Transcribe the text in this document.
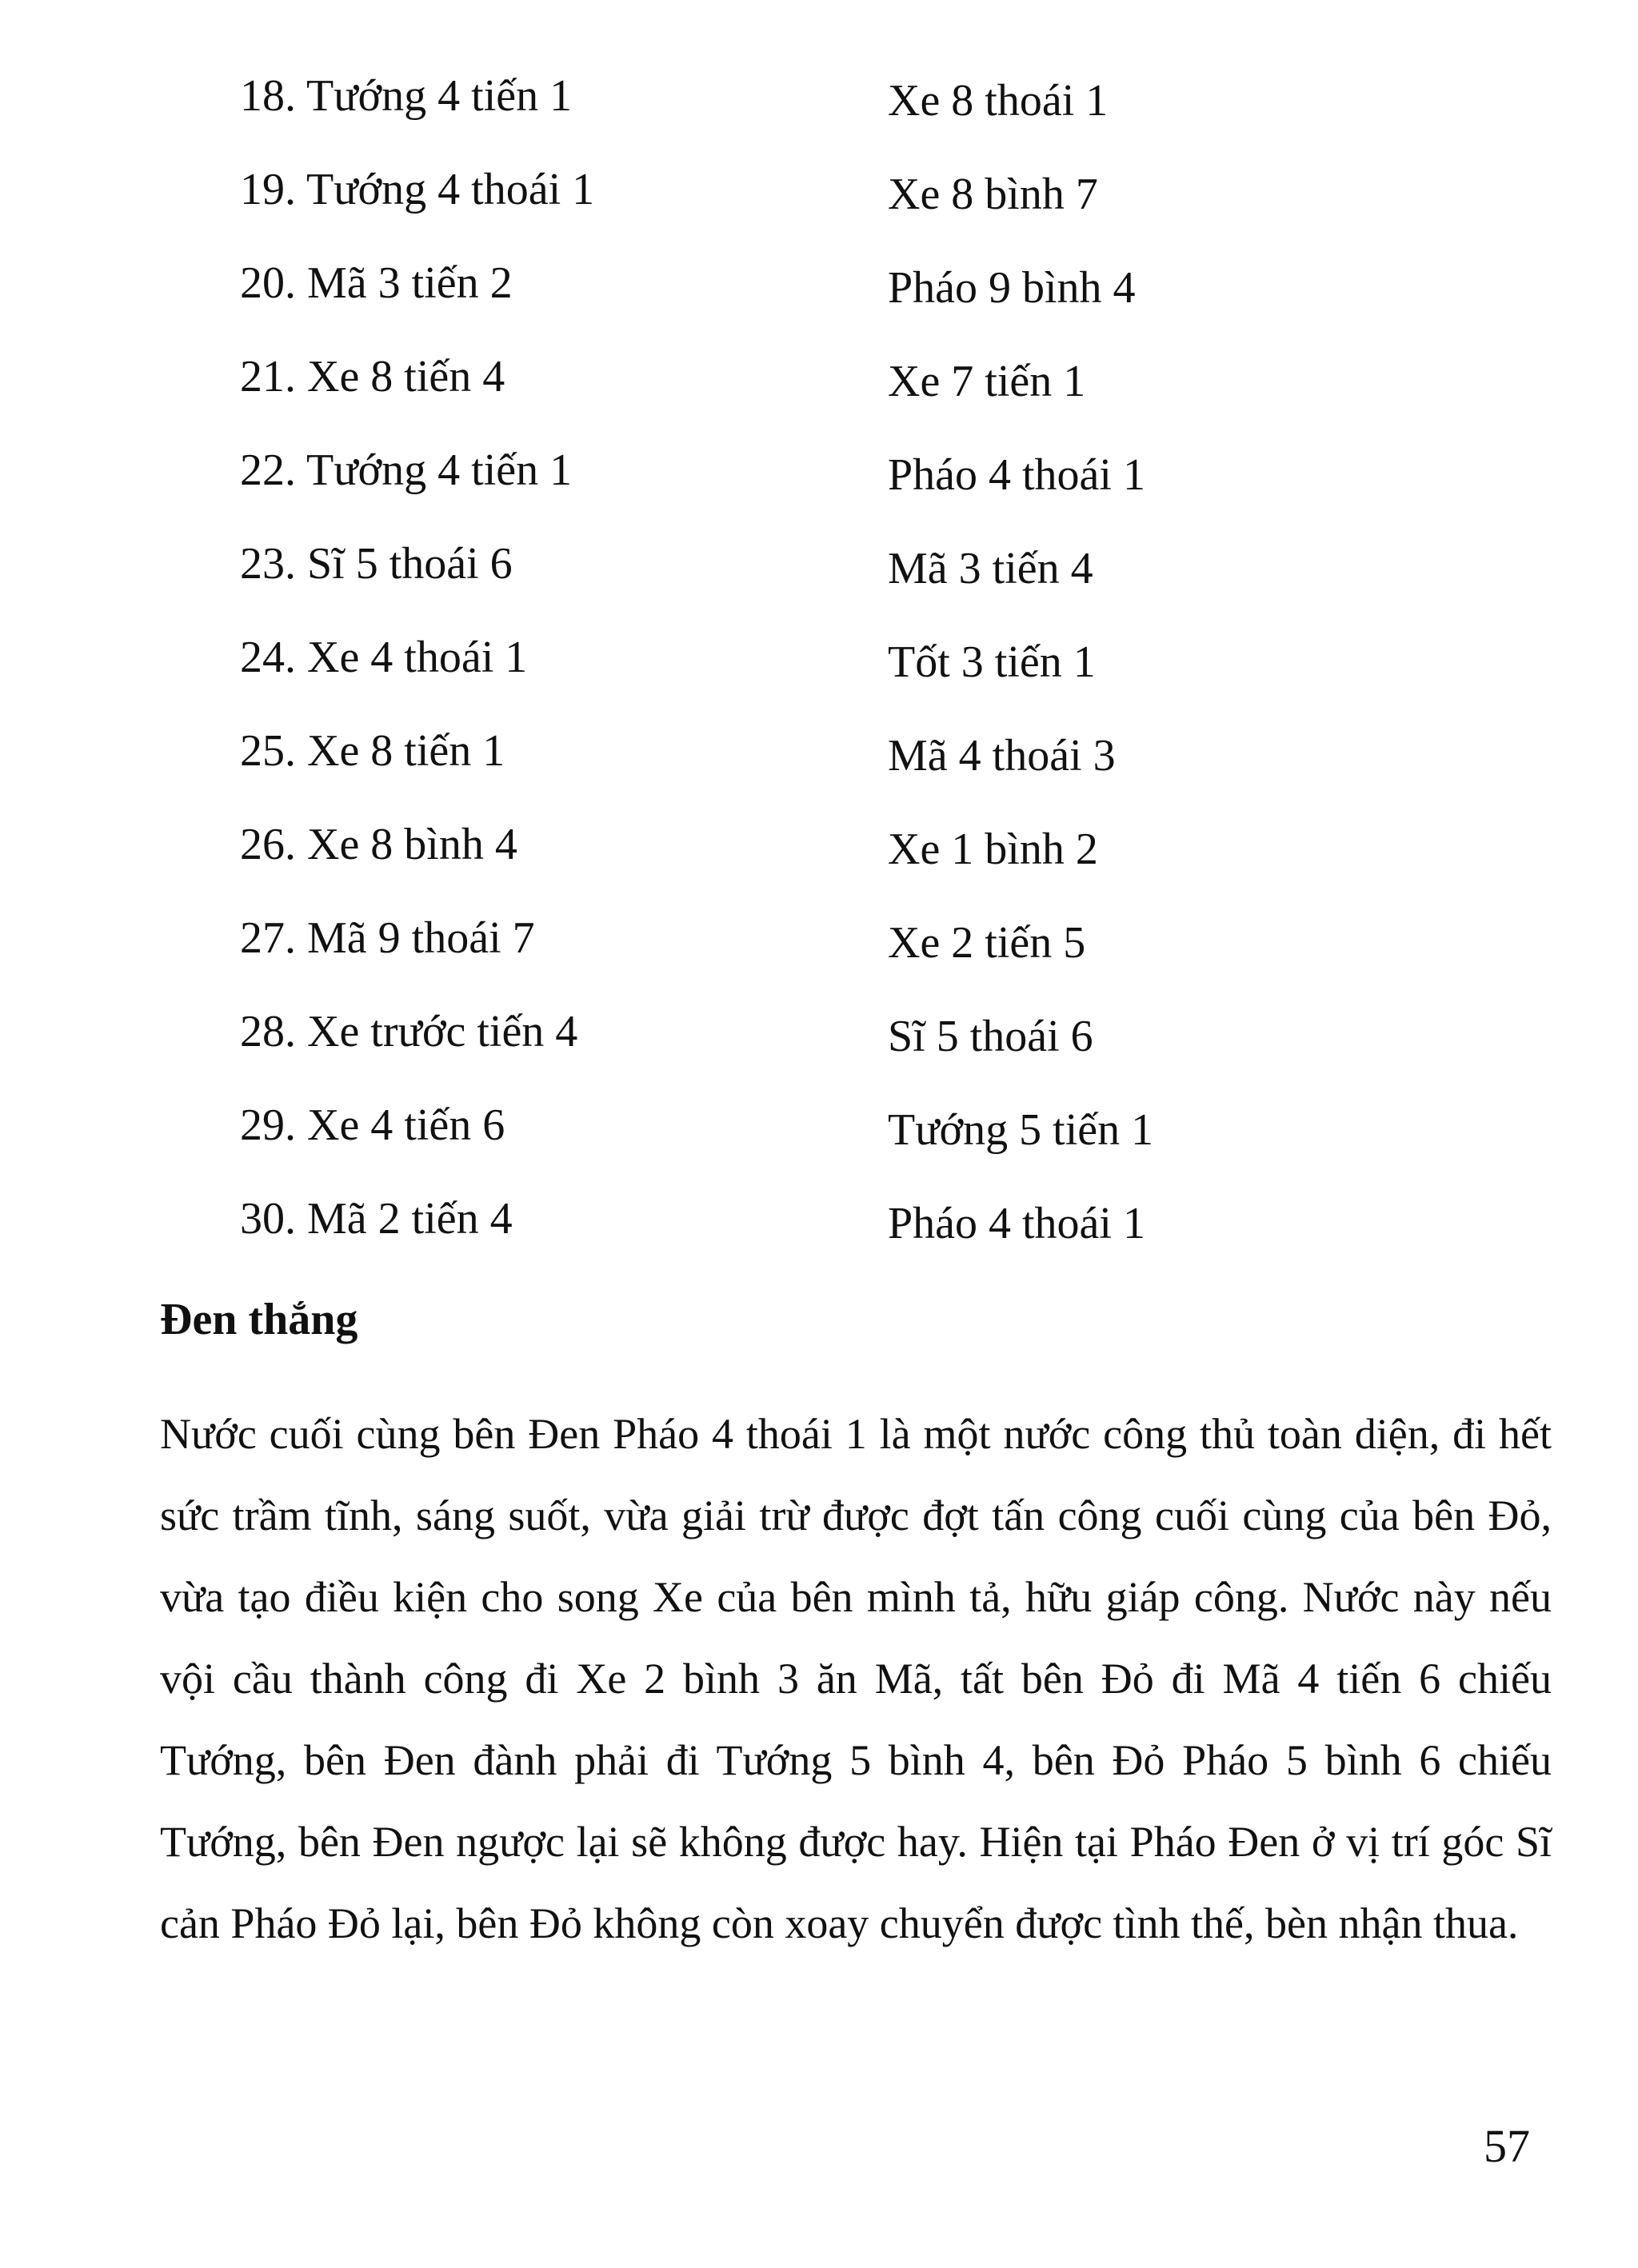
18. Tướng 4 tiến 1	Xe 8 thoái 1
19. Tướng 4 thoái 1	Xe 8 bình 7
20. Mã 3 tiến 2	Pháo 9 bình 4
21. Xe 8 tiến 4	Xe 7 tiến 1
22. Tướng 4 tiến 1	Pháo 4 thoái 1
23. Sĩ 5 thoái 6	Mã 3 tiến 4
24. Xe 4 thoái 1	Tốt 3 tiến 1
25. Xe 8 tiến 1	Mã 4 thoái 3
26. Xe 8 bình 4	Xe 1 bình 2
27. Mã 9 thoái 7	Xe 2 tiến 5
28. Xe trước tiến 4	Sĩ 5 thoái 6
29. Xe 4 tiến 6	Tướng 5 tiến 1
30. Mã 2 tiến 4	Pháo 4 thoái 1
Đen thắng

Nước cuối cùng bên Đen Pháo 4 thoái 1 là một nước công thủ toàn diện, đi hết sức trầm tĩnh, sáng suốt, vừa giải trừ được đợt tấn công cuối cùng của bên Đỏ, vừa tạo điều kiện cho song Xe của bên mình tả, hữu giáp công. Nước này nếu vội cầu thành công đi Xe 2 bình 3 ăn Mã, tất bên Đỏ đi Mã 4 tiến 6 chiếu Tướng, bên Đen đành phải đi Tướng 5 bình 4, bên Đỏ Pháo 5 bình 6 chiếu Tướng, bên Đen ngược lại sẽ không được hay. Hiện tại Pháo Đen ở vị trí góc Sĩ cản Pháo Đỏ lại, bên Đỏ không còn xoay chuyển được tình thế, bèn nhận thua.

57
